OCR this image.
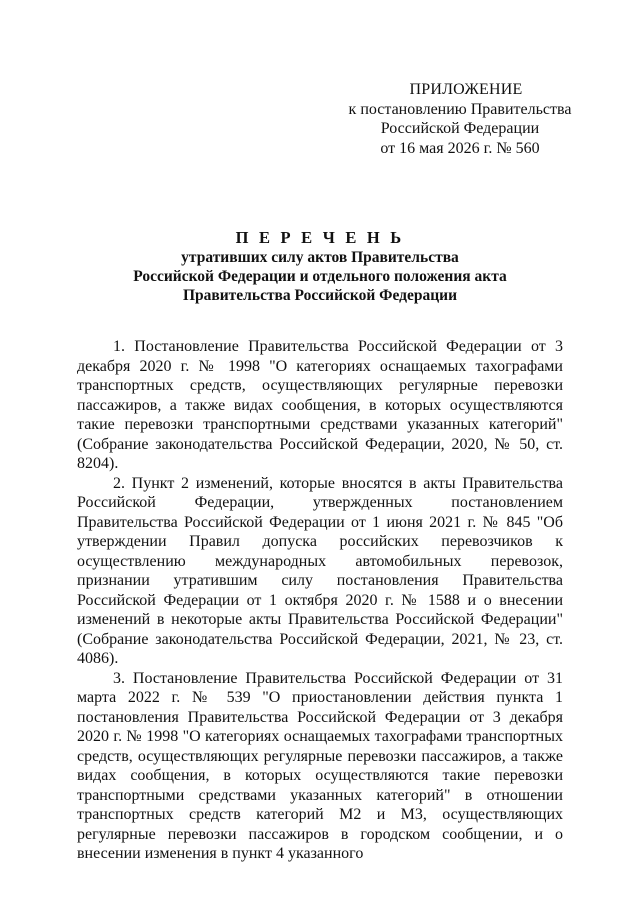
ПРИЛОЖЕНИЕ
к постановлению Правительства
Российской Федерации
от 16 мая 2026 г. № 560
П Е Р Е Ч Е Н Ь
утративших силу актов Правительства
Российской Федерации и отдельного положения акта
Правительства Российской Федерации

1. Постановление Правительства Российской Федерации от 3 декабря 2020 г. № 1998 "О категориях оснащаемых тахографами транспортных средств, осуществляющих регулярные перевозки пассажиров, а также видах сообщения, в которых осуществляются такие перевозки транспортными средствами указанных категорий" (Собрание законодательства Российской Федерации, 2020, № 50, ст. 8204).

2. Пункт 2 изменений, которые вносятся в акты Правительства Российской Федерации, утвержденных постановлением Правительства Российской Федерации от 1 июня 2021 г. № 845 "Об утверждении Правил допуска российских перевозчиков к осуществлению международных автомобильных перевозок, признании утратившим силу постановления Правительства Российской Федерации от 1 октября 2020 г. № 1588 и о внесении изменений в некоторые акты Правительства Российской Федерации" (Собрание законодательства Российской Федерации, 2021, № 23, ст. 4086).

3. Постановление Правительства Российской Федерации от 31 марта 2022 г. № 539 "О приостановлении действия пункта 1 постановления Правительства Российской Федерации от 3 декабря 2020 г. № 1998 "О категориях оснащаемых тахографами транспортных средств, осуществляющих регулярные перевозки пассажиров, а также видах сообщения, в которых осуществляются такие перевозки транспортными средствами указанных категорий" в отношении транспортных средств категорий М2 и М3, осуществляющих регулярные перевозки пассажиров в городском сообщении, и о внесении изменения в пункт 4 указанного
